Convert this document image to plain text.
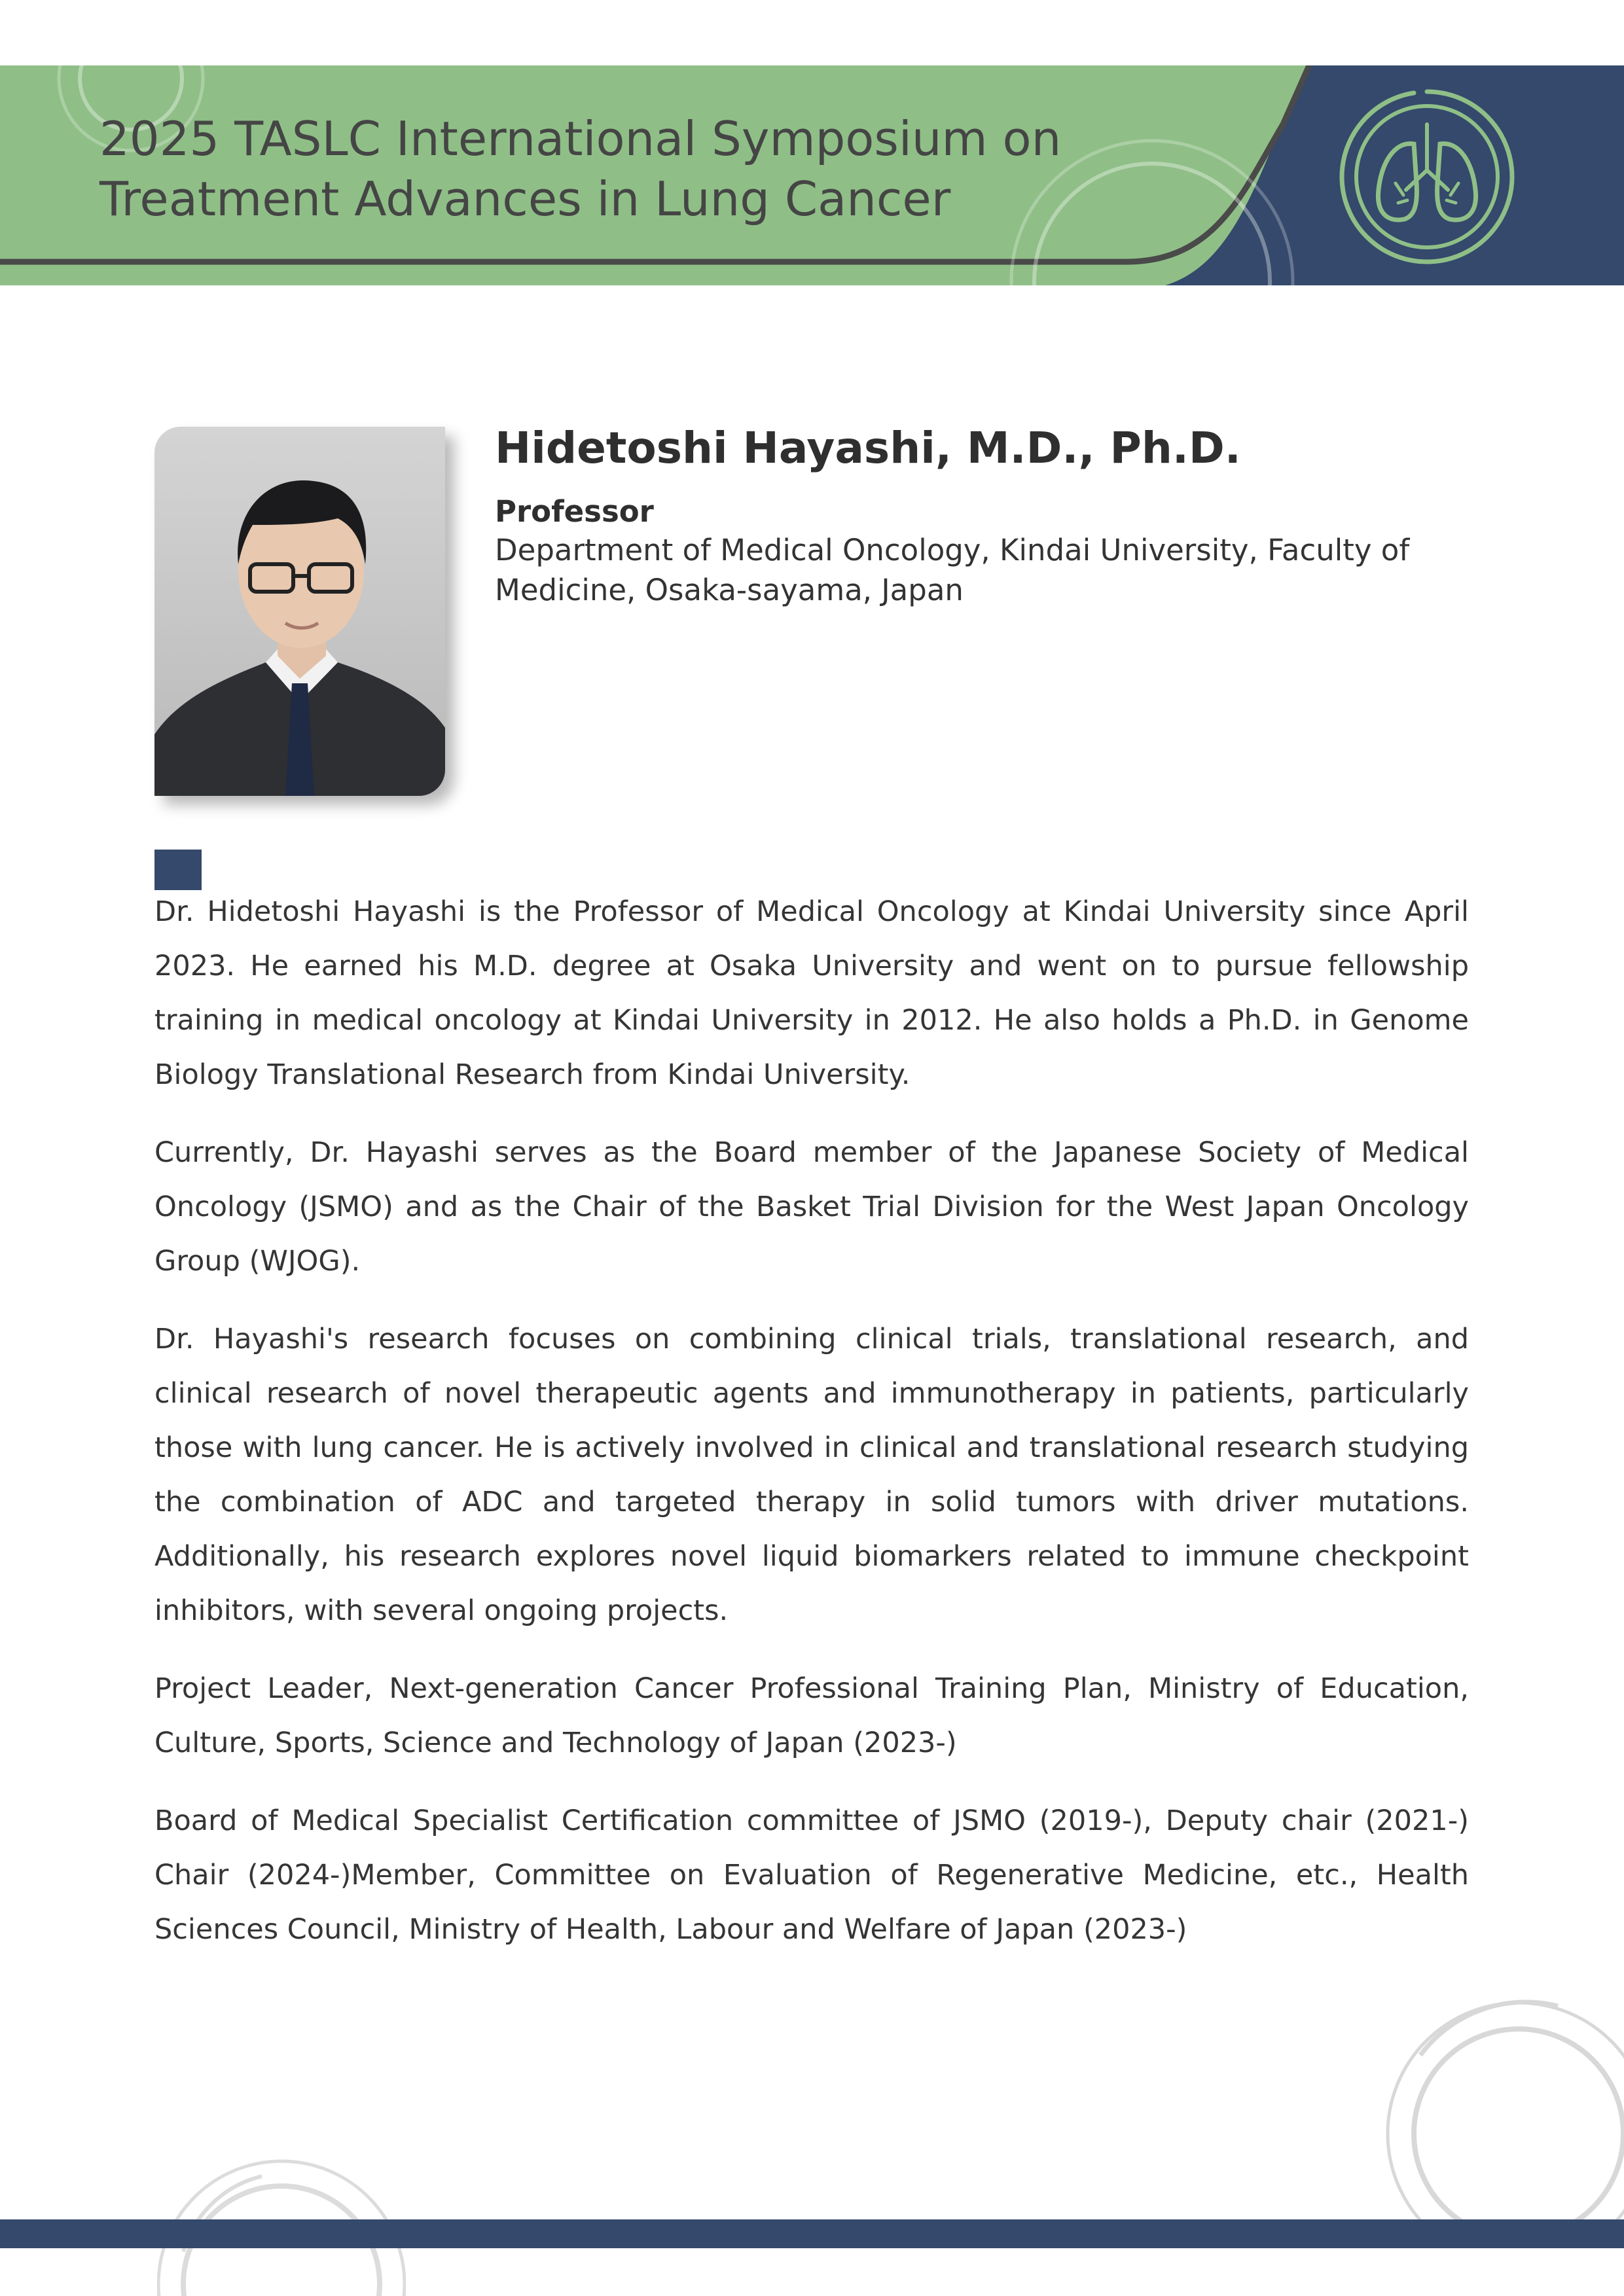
2025 TASLC International Symposium on
Treatment Advances in Lung Cancer
Hidetoshi Hayashi, M.D., Ph.D.
Professor
Department of Medical Oncology, Kindai University, Faculty of Medicine, Osaka-sayama, Japan

Dr. Hidetoshi Hayashi is the Professor of Medical Oncology at Kindai University since April 2023. He earned his M.D. degree at Osaka University and went on to pursue fellowship training in medical oncology at Kindai University in 2012. He also holds a Ph.D. in Genome Biology Translational Research from Kindai University.

Currently, Dr. Hayashi serves as the Board member of the Japanese Society of Medical Oncology (JSMO) and as the Chair of the Basket Trial Division for the West Japan Oncology Group (WJOG).

Dr. Hayashi's research focuses on combining clinical trials, translational research, and clinical research of novel therapeutic agents and immunotherapy in patients, particularly those with lung cancer. He is actively involved in clinical and translational research studying the combination of ADC and targeted therapy in solid tumors with driver mutations. Additionally, his research explores novel liquid biomarkers related to immune checkpoint inhibitors, with several ongoing projects.

Project Leader, Next-generation Cancer Professional Training Plan, Ministry of Education, Culture, Sports, Science and Technology of Japan (2023-)

Board of Medical Specialist Certification committee of JSMO (2019-), Deputy chair (2021-) Chair (2024-)Member, Committee on Evaluation of Regenerative Medicine, etc., Health Sciences Council, Ministry of Health, Labour and Welfare of Japan (2023-)
